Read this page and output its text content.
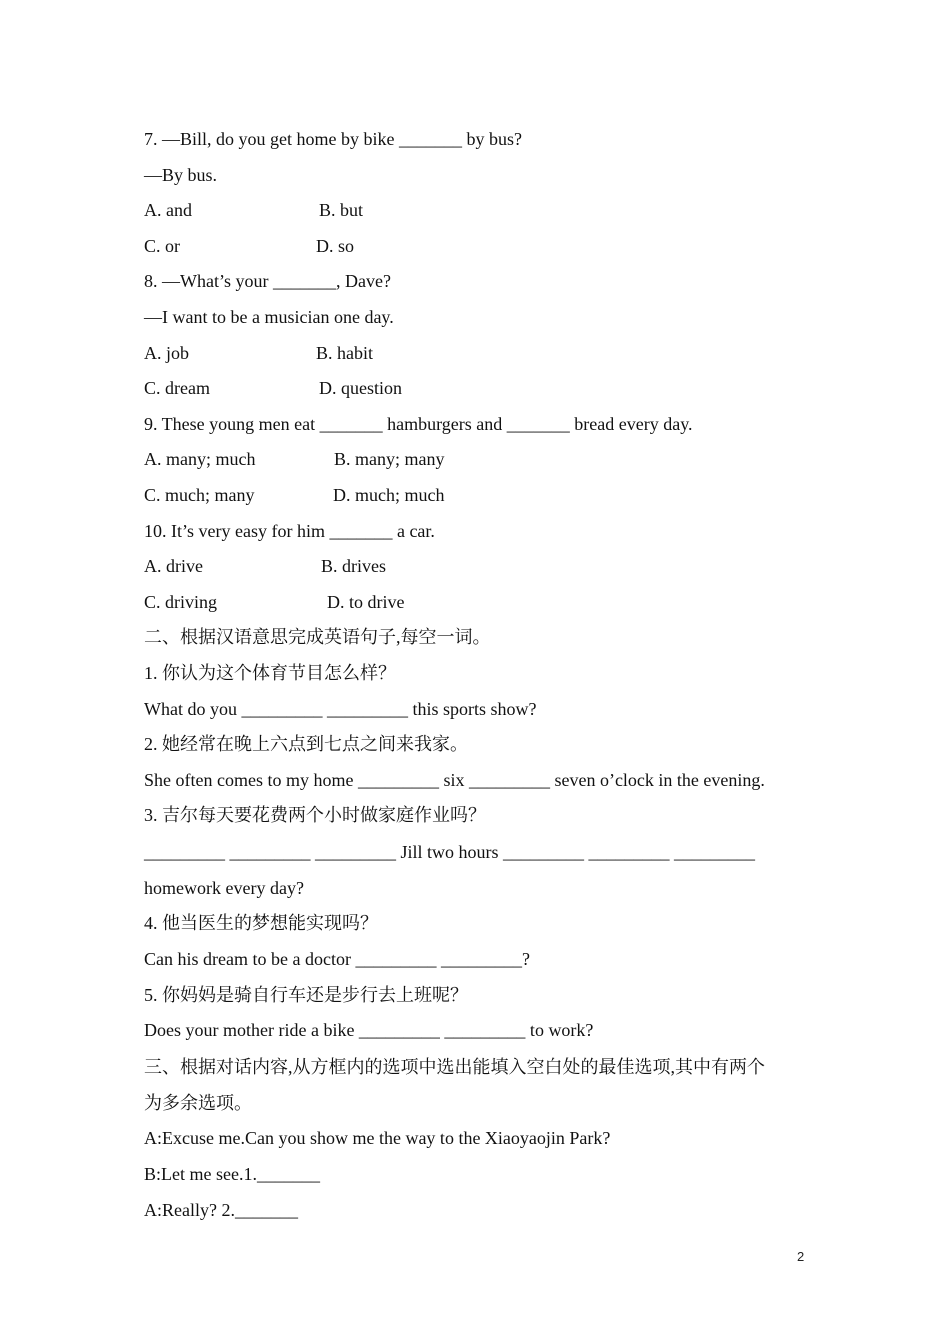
7. —Bill, do you get home by bike _______ by bus?
—By bus.
A. and	B. but
C. or	D. so
8. —What’s your _______, Dave?
—I want to be a musician one day.
A. job	B. habit
C. dream	D. question
9. These young men eat _______ hamburgers and _______ bread every day.
A. many; much	B. many; many
C. much; many	D. much; much
10. It’s very easy for him _______ a car.
A. drive	B. drives
C. driving	D. to drive
二、根据汉语意思完成英语句子,每空一词。
1. 你认为这个体育节目怎么样？
What do you _________ _________ this sports show?
2. 她经常在晚上六点到七点之间来我家。
She often comes to my home _________ six _________ seven o’clock in the evening.
3. 吉尔每天要花费两个小时做家庭作业吗？
_________ _________ _________ Jill two hours _________ _________ _________
homework every day?
4. 他当医生的梦想能实现吗？
Can his dream to be a doctor _________ _________?
5. 你妈妈是骑自行车还是步行去上班呢？
Does your mother ride a bike _________ _________ to work?
三、根据对话内容,从方框内的选项中选出能填入空白处的最佳选项,其中有两个
为多余选项。
A:Excuse me.Can you show me the way to the Xiaoyaojin Park?
B:Let me see.1._______
A:Really? 2._______
2
